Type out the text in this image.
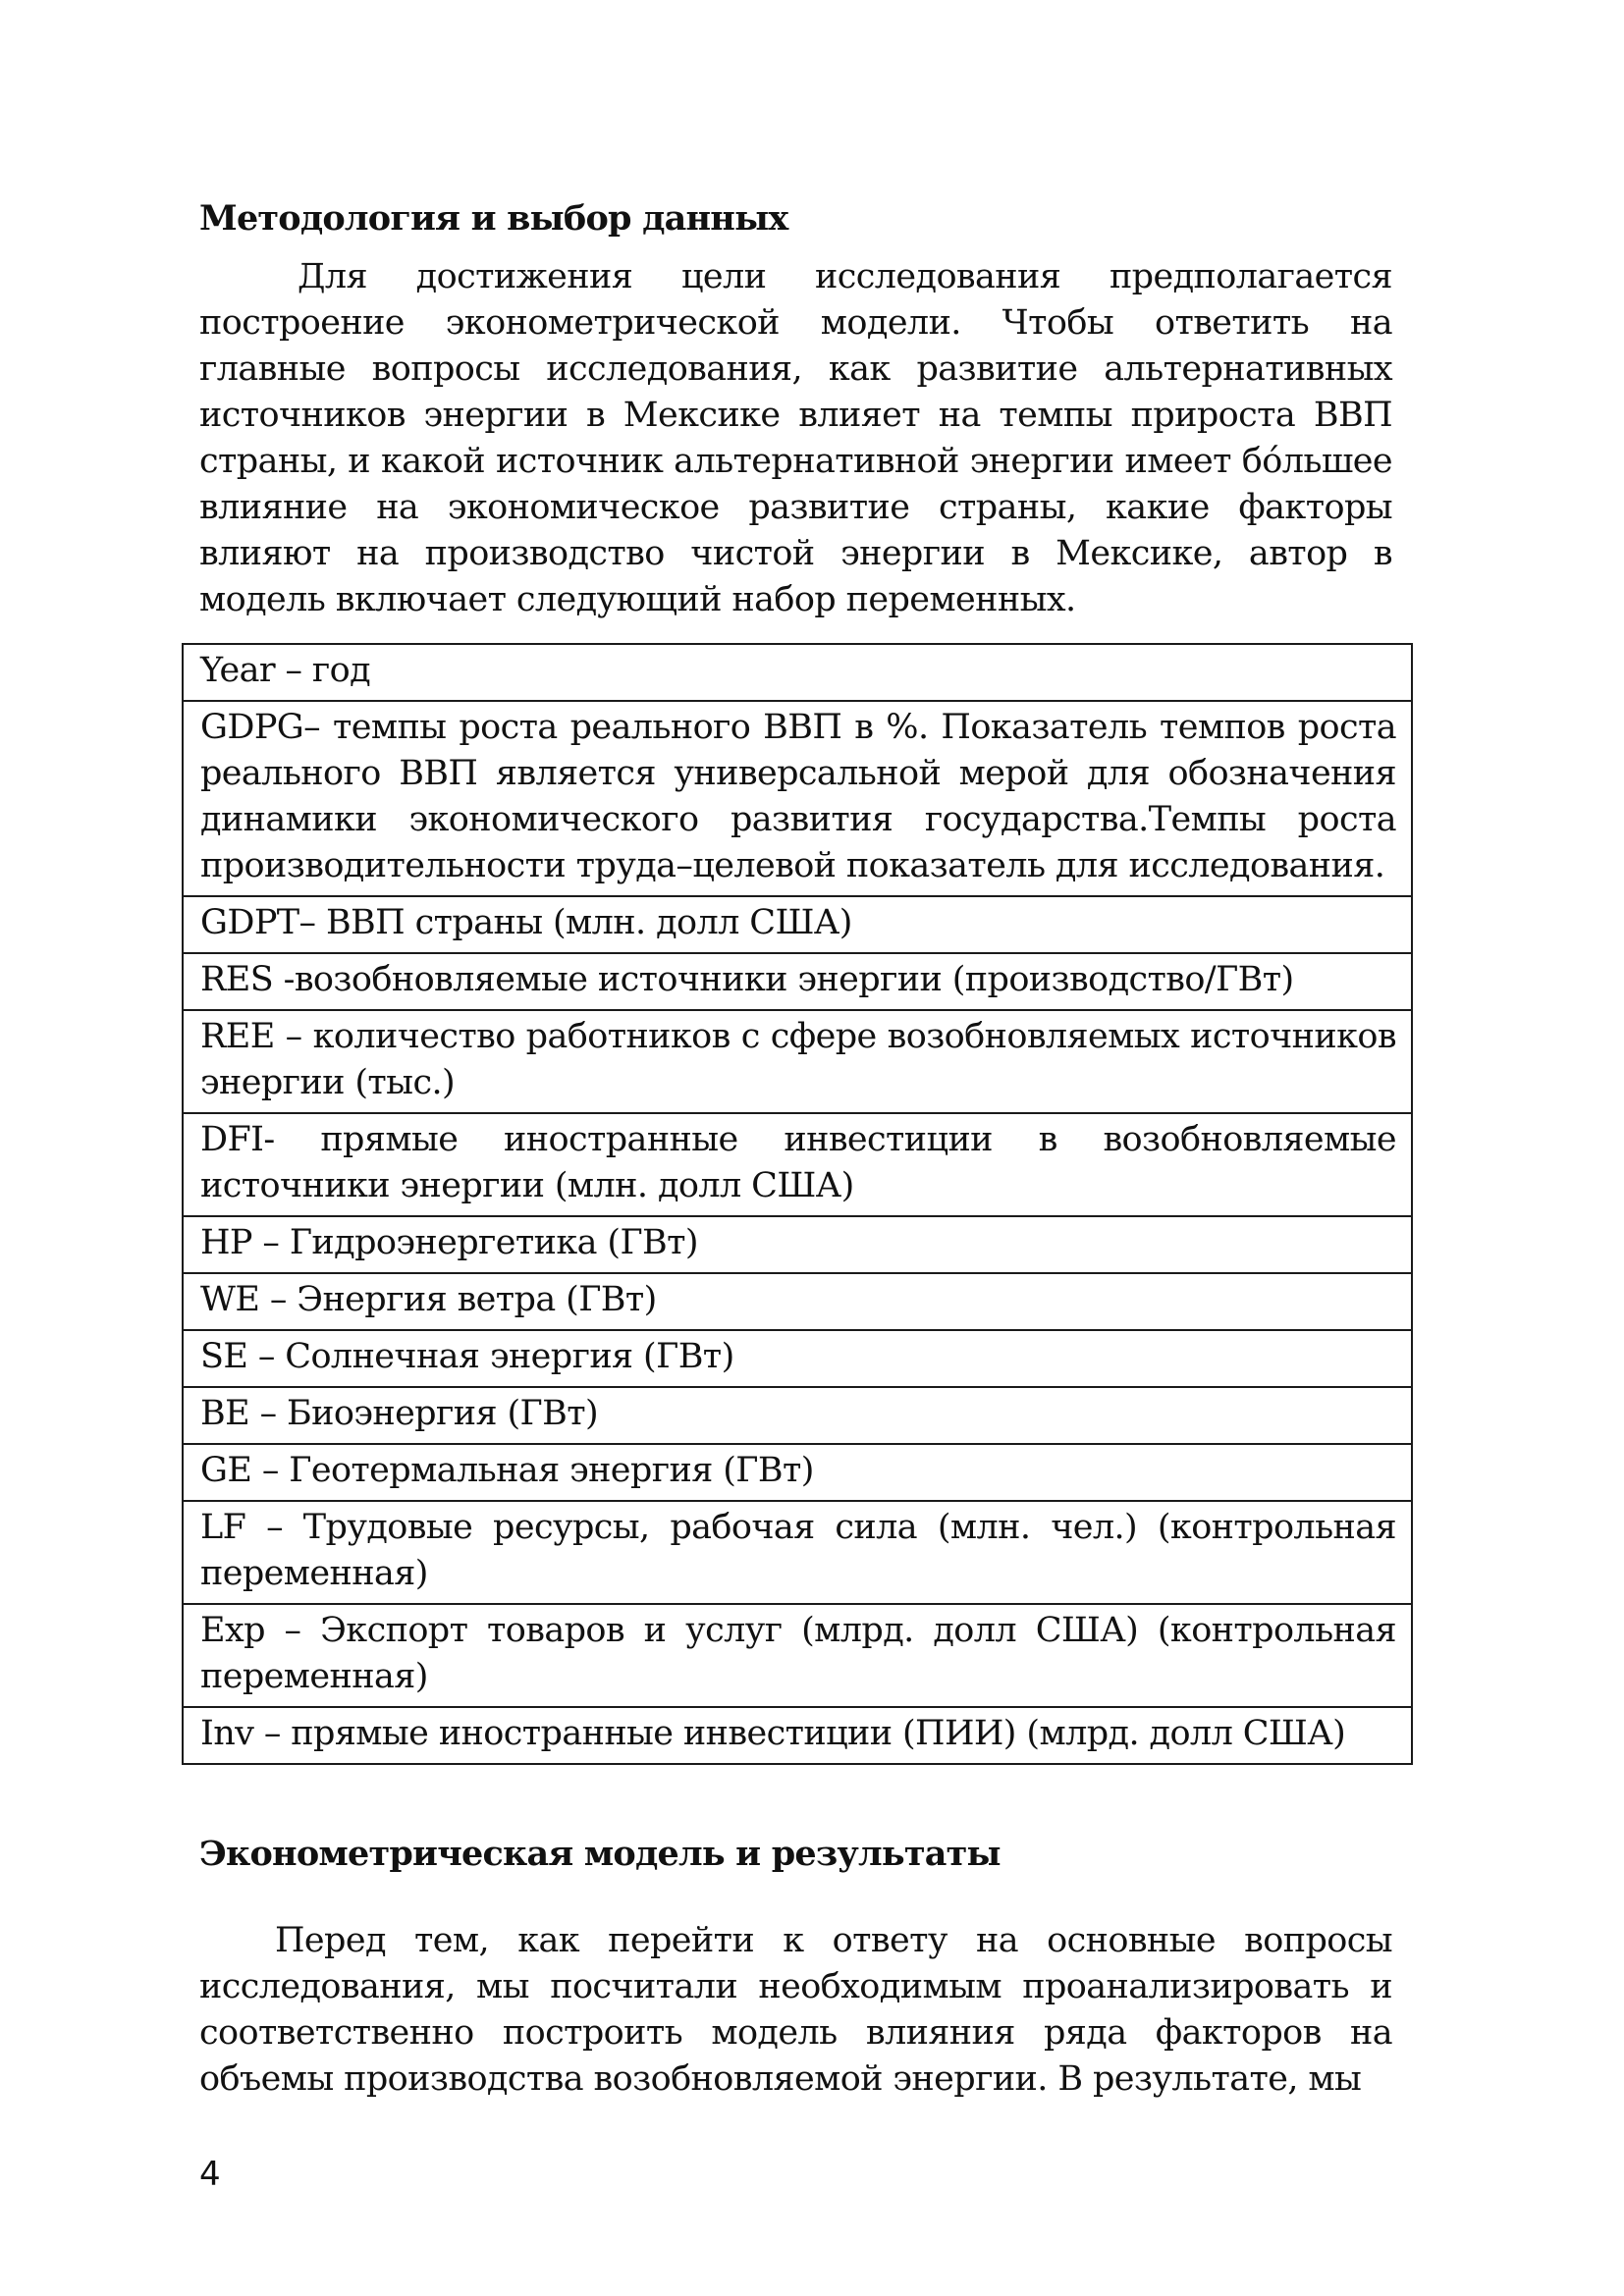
Методология и выбор данных

Для достижения цели исследования предполагается построение эконометрической модели. Чтобы ответить на главные вопросы исследования, как развитие альтернативных источников энергии в Мексике влияет на темпы прироста ВВП страны, и какой источник альтернативной энергии имеет бóльшее влияние на экономическое развитие страны, какие факторы влияют на производство чистой энергии в Мексике, автор в модель включает следующий набор переменных.

Year – год
GDPG– темпы роста реального ВВП в %. Показатель темпов роста реального ВВП является универсальной мерой для обозначения динамики экономического развития государства.Темпы роста производительности труда–целевой показатель для исследования.
GDPT– ВВП страны (млн. долл США)
RES -возобновляемые источники энергии (производство/ГВт)
REE – количество работников с сфере возобновляемых источников энергии (тыс.)
DFI- прямые иностранные инвестиции в возобновляемые источники энергии (млн. долл США)
HP – Гидроэнергетика (ГВт)
WE – Энергия ветра (ГВт)
SE – Солнечная энергия (ГВт)
BE – Биоэнергия (ГВт)
GE – Геотермальная энергия (ГВт)
LF – Трудовые ресурсы, рабочая сила (млн. чел.) (контрольная переменная)
Exp – Экспорт товаров и услуг (млрд. долл США) (контрольная переменная)
Inv – прямые иностранные инвестиции (ПИИ) (млрд. долл США)
Эконометрическая модель и результаты

Перед тем, как перейти к ответу на основные вопросы исследования, мы посчитали необходимым проанализировать и соответственно построить модель влияния ряда факторов на объемы производства возобновляемой энергии. В результате, мы

4
